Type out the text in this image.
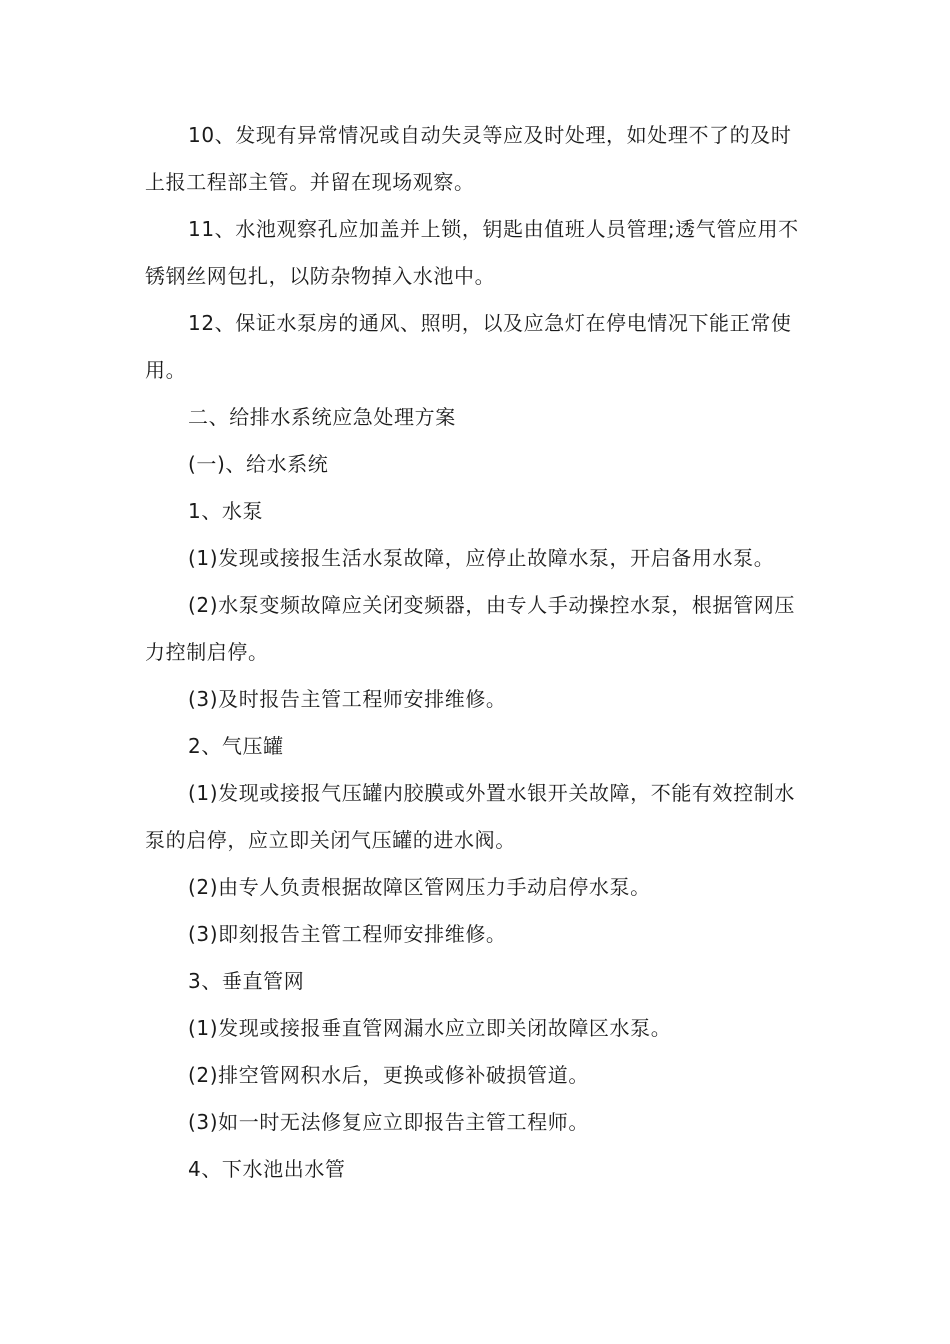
10、发现有异常情况或自动失灵等应及时处理，如处理不了的及时上报工程部主管。并留在现场观察。

11、水池观察孔应加盖并上锁，钥匙由值班人员管理;透气管应用不锈钢丝网包扎，以防杂物掉入水池中。

12、保证水泵房的通风、照明，以及应急灯在停电情况下能正常使用。

二、给排水系统应急处理方案

(一)、给水系统

1、水泵

(1)发现或接报生活水泵故障，应停止故障水泵，开启备用水泵。

(2)水泵变频故障应关闭变频器，由专人手动操控水泵，根据管网压力控制启停。

(3)及时报告主管工程师安排维修。

2、气压罐

(1)发现或接报气压罐内胶膜或外置水银开关故障，不能有效控制水泵的启停，应立即关闭气压罐的进水阀。

(2)由专人负责根据故障区管网压力手动启停水泵。

(3)即刻报告主管工程师安排维修。

3、垂直管网

(1)发现或接报垂直管网漏水应立即关闭故障区水泵。

(2)排空管网积水后，更换或修补破损管道。

(3)如一时无法修复应立即报告主管工程师。

4、下水池出水管
